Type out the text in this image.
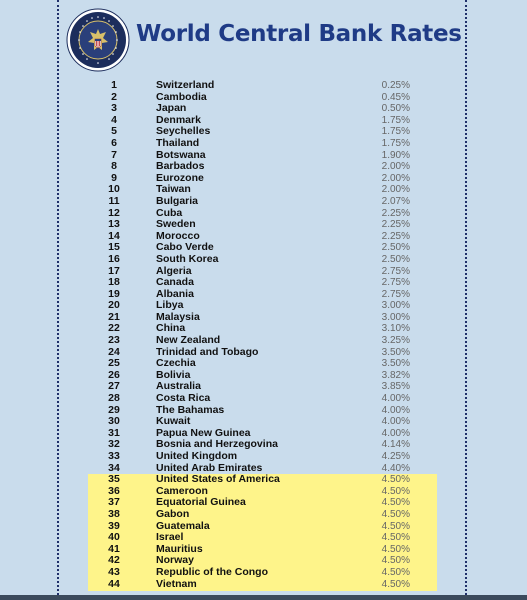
World Central Bank Rates
1	Switzerland	0.25%
2	Cambodia	0.45%
3	Japan	0.50%
4	Denmark	1.75%
5	Seychelles	1.75%
6	Thailand	1.75%
7	Botswana	1.90%
8	Barbados	2.00%
9	Eurozone	2.00%
10	Taiwan	2.00%
11	Bulgaria	2.07%
12	Cuba	2.25%
13	Sweden	2.25%
14	Morocco	2.25%
15	Cabo Verde	2.50%
16	South Korea	2.50%
17	Algeria	2.75%
18	Canada	2.75%
19	Albania	2.75%
20	Libya	3.00%
21	Malaysia	3.00%
22	China	3.10%
23	New Zealand	3.25%
24	Trinidad and Tobago	3.50%
25	Czechia	3.50%
26	Bolivia	3.82%
27	Australia	3.85%
28	Costa Rica	4.00%
29	The Bahamas	4.00%
30	Kuwait	4.00%
31	Papua New Guinea	4.00%
32	Bosnia and Herzegovina	4.14%
33	United Kingdom	4.25%
34	United Arab Emirates	4.40%
35	United States of America	4.50%
36	Cameroon	4.50%
37	Equatorial Guinea	4.50%
38	Gabon	4.50%
39	Guatemala	4.50%
40	Israel	4.50%
41	Mauritius	4.50%
42	Norway	4.50%
43	Republic of the Congo	4.50%
44	Vietnam	4.50%
